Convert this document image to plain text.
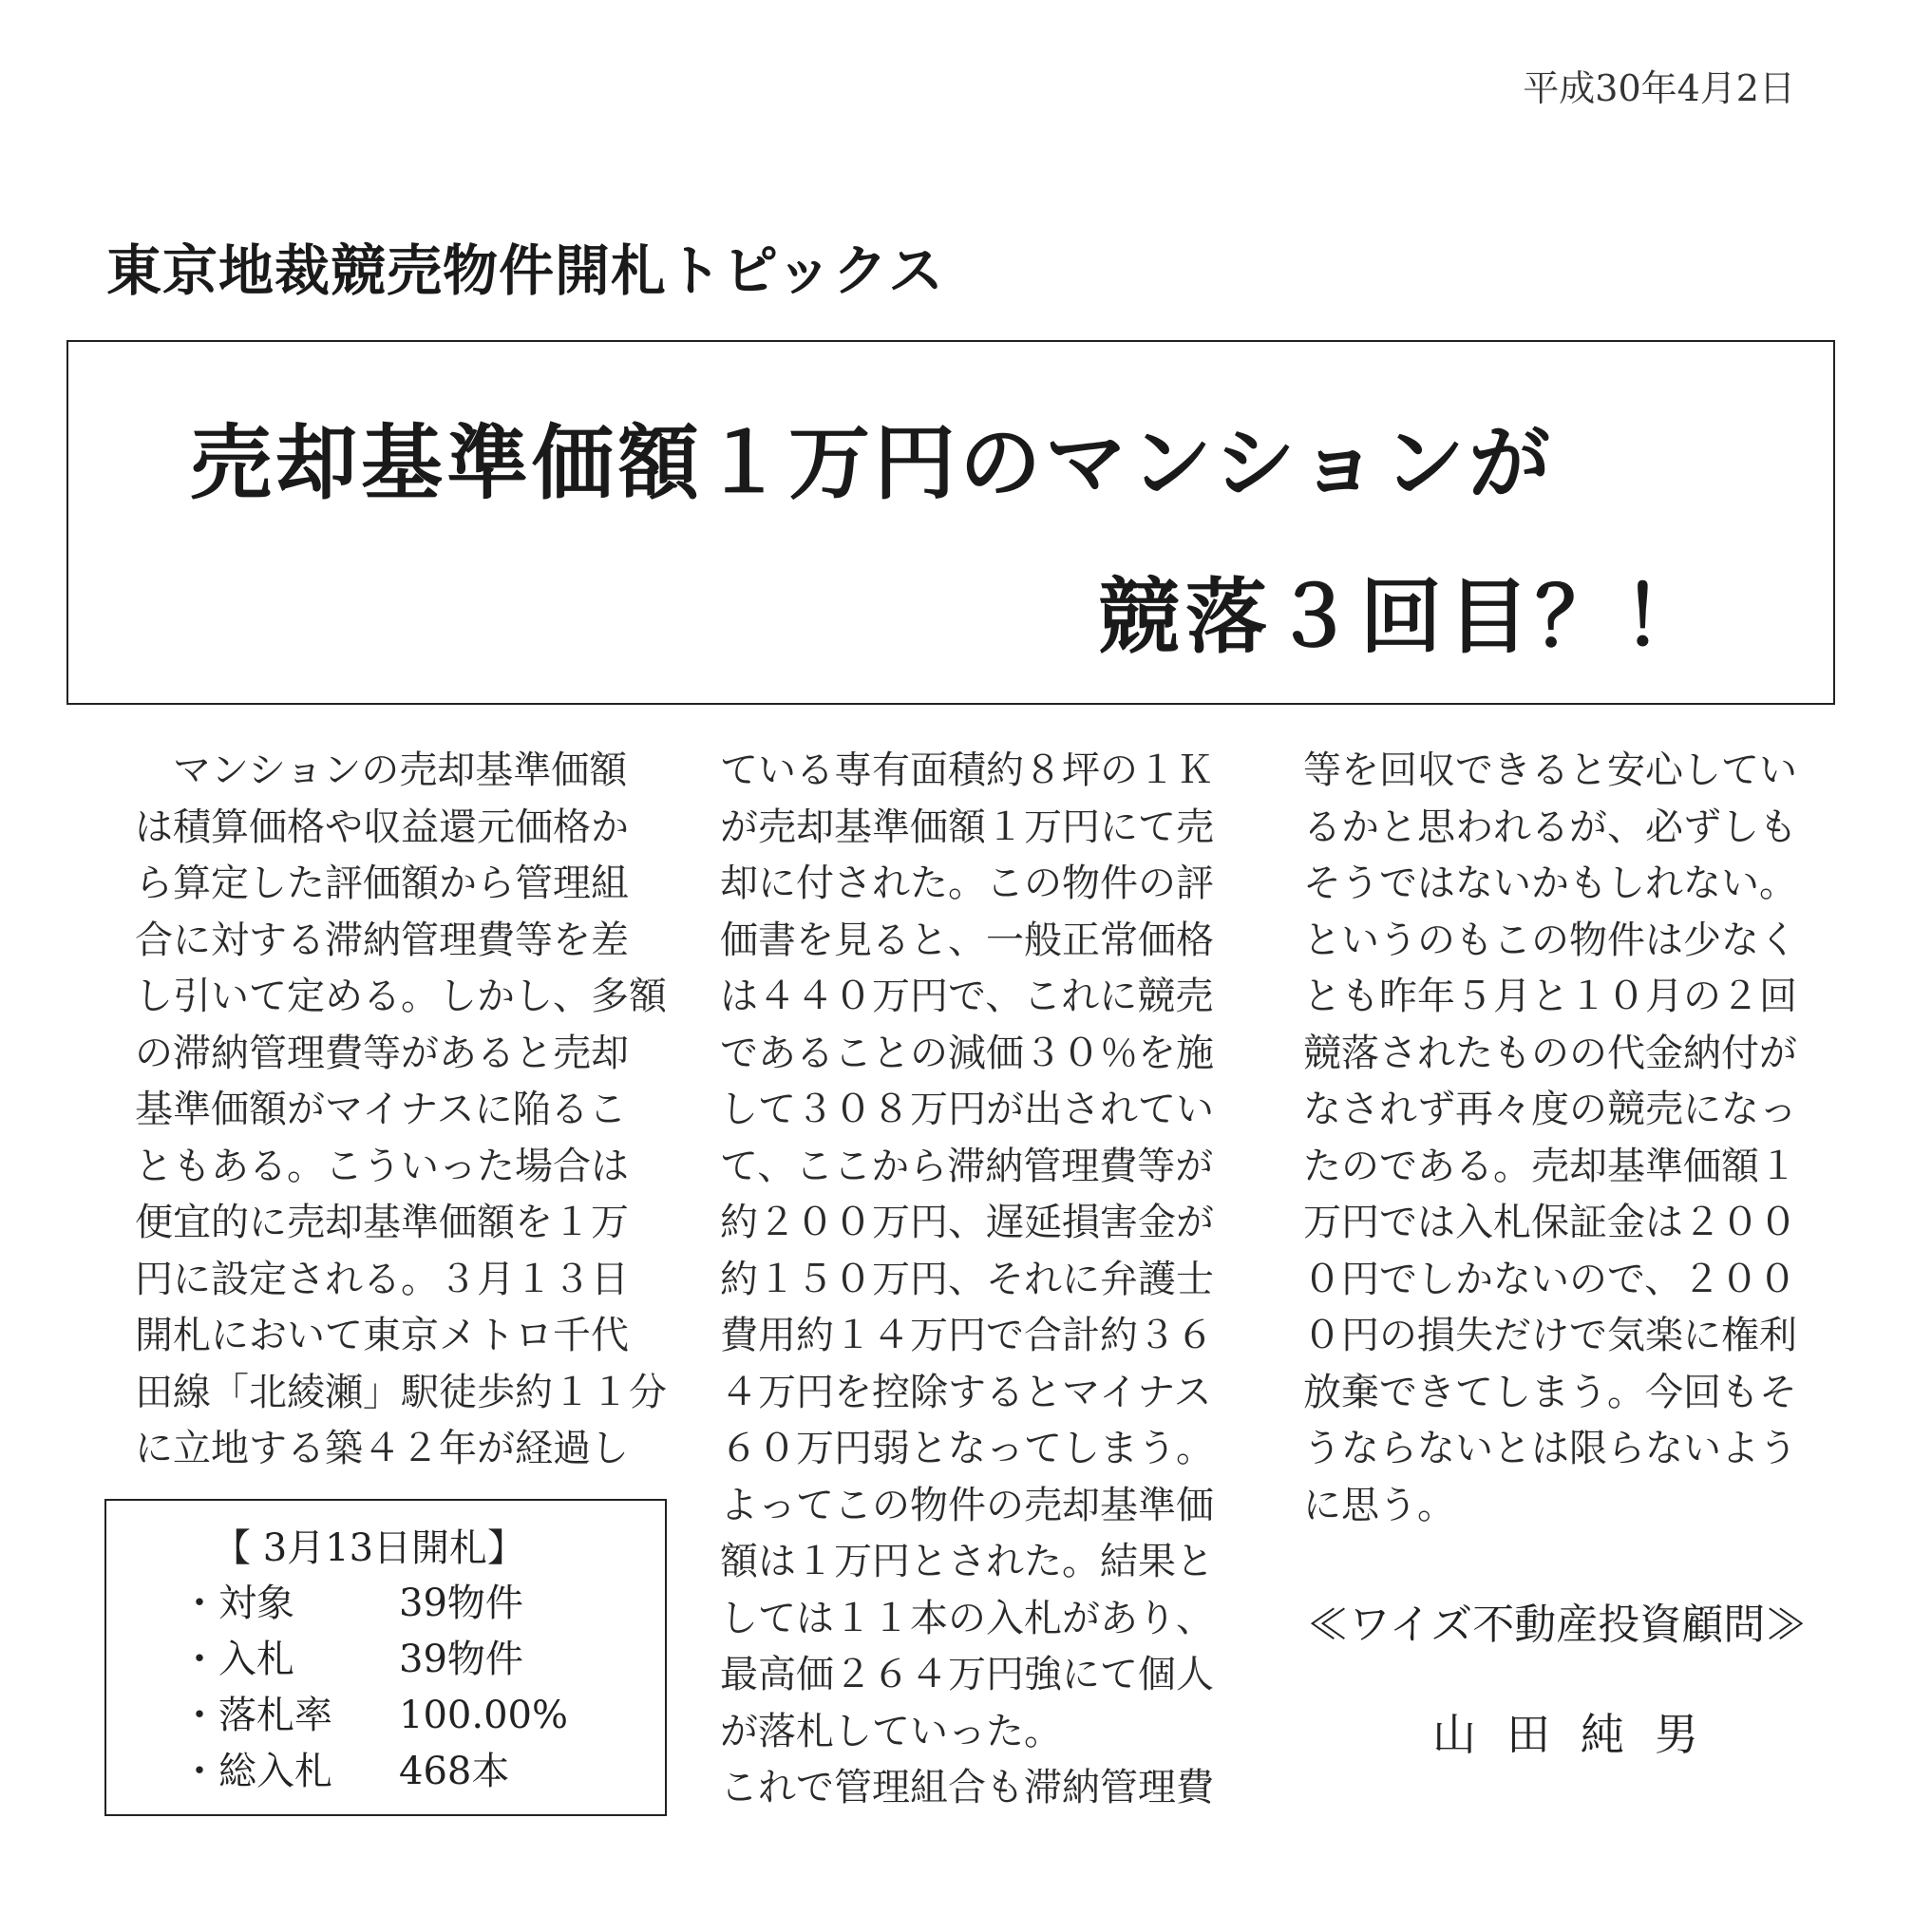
平成30年4月2日
東京地裁競売物件開札トピックス
売却基準価額１万円のマンションが
競落３回目？！
　マンションの売却基準価額
は積算価格や収益還元価格か
ら算定した評価額から管理組
合に対する滞納管理費等を差
し引いて定める。しかし、多額
の滞納管理費等があると売却
基準価額がマイナスに陥るこ
ともある。こういった場合は
便宜的に売却基準価額を１万
円に設定される。３月１３日
開札において東京メトロ千代
田線「北綾瀬」駅徒歩約１１分
に立地する築４２年が経過し
ている専有面積約８坪の１Ｋ
が売却基準価額１万円にて売
却に付された。この物件の評
価書を見ると、一般正常価格
は４４０万円で、これに競売
であることの減価３０％を施
して３０８万円が出されてい
て、ここから滞納管理費等が
約２００万円、遅延損害金が
約１５０万円、それに弁護士
費用約１４万円で合計約３６
４万円を控除するとマイナス
６０万円弱となってしまう。
よってこの物件の売却基準価
額は１万円とされた。結果と
しては１１本の入札があり、
最高価２６４万円強にて個人
が落札していった。
これで管理組合も滞納管理費
等を回収できると安心してい
るかと思われるが、必ずしも
そうではないかもしれない。
というのもこの物件は少なく
とも昨年５月と１０月の２回
競落されたものの代金納付が
なされず再々度の競売になっ
たのである。売却基準価額１
万円では入札保証金は２００
０円でしかないので、２００
０円の損失だけで気楽に権利
放棄できてしまう。今回もそ
うならないとは限らないよう
に思う。
【 3月13日開札】
・対象	39物件
・入札	39物件
・落札率 100.00%
・総入札 468本
≪ワイズ不動産投資顧問≫
山田純男
